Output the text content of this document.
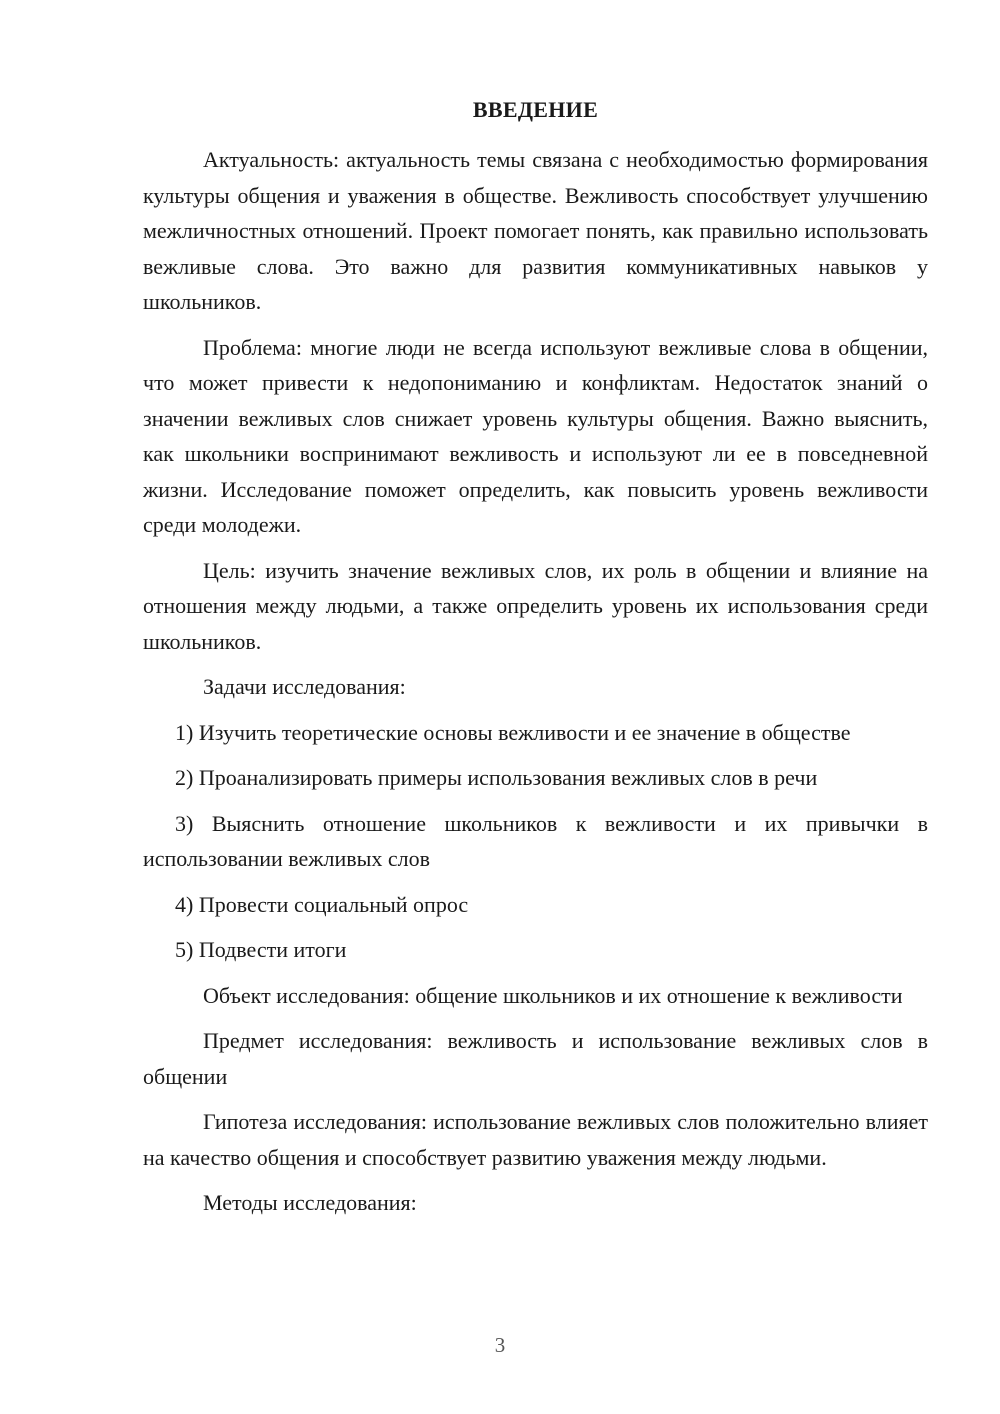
ВВЕДЕНИЕ

Актуальность: актуальность темы связана с необходимостью формирования культуры общения и уважения в обществе. Вежливость способствует улучшению межличностных отношений. Проект помогает понять, как правильно использовать вежливые слова. Это важно для развития коммуникативных навыков у школьников.

Проблема: многие люди не всегда используют вежливые слова в общении, что может привести к недопониманию и конфликтам. Недостаток знаний о значении вежливых слов снижает уровень культуры общения. Важно выяснить, как школьники воспринимают вежливость и используют ли ее в повседневной жизни. Исследование поможет определить, как повысить уровень вежливости среди молодежи.

Цель: изучить значение вежливых слов, их роль в общении и влияние на отношения между людьми, а также определить уровень их использования среди школьников.

Задачи исследования:

1) Изучить теоретические основы вежливости и ее значение в обществе

2) Проанализировать примеры использования вежливых слов в речи

3) Выяснить отношение школьников к вежливости и их привычки в использовании вежливых слов

4) Провести социальный опрос

5) Подвести итоги

Объект исследования: общение школьников и их отношение к вежливости

Предмет исследования: вежливость и использование вежливых слов в общении

Гипотеза исследования: использование вежливых слов положительно влияет на качество общения и способствует развитию уважения между людьми.

Методы исследования:

3
